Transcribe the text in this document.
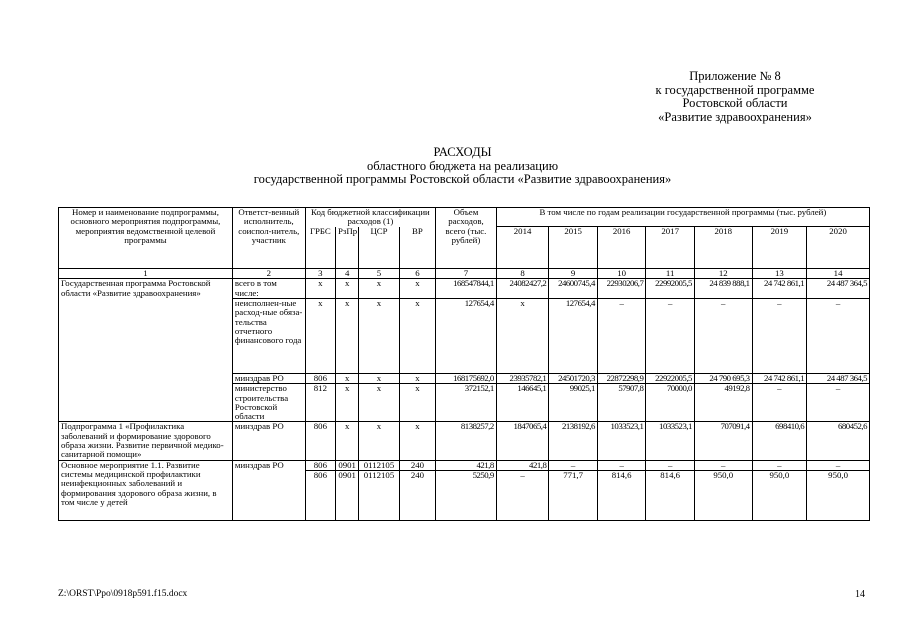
Приложение № 8
к государственной программе
Ростовской области
«Развитие здравоохранения»
РАСХОДЫ
областного бюджета на реализацию
государственной программы Ростовской области «Развитие здравоохранения»
Номер и наименование подпрограммы, основного мероприятия подпрограммы, мероприятия ведомственной целевой программы	Ответст-венный исполнитель, соиспол-нитель, участник	Код бюджетной классификации расходов (1)				Объем расходов, всего (тыс. рублей)	В том числе по годам реализации государственной программы (тыс. рублей)						
		ГРБС	РзПр	ЦСР	ВР		2014	2015	2016	2017	2018	2019	2020
1	2	3	4	5	6	7	8	9	10	11	12	13	14
Государственная программа Ростовской области «Развитие здравоохранения»	всего в том числе:	х	х	х	х	168547844,1	24082427,2	24600745,4	22930206,7	22992005,5	24 839 888,1	24 742 861,1	24 487 364,5
	неисполнен-ные расход-ные обяза-тельства отчетного финансового года	х	х	х	х	127654,4	х	127654,4	–	–	–	–	–
	минздрав РО	806	х	х	х	168175692,0	23935782,1	24501720,3	22872298,9	22922005,5	24 790 695,3	24 742 861,1	24 487 364,5
	министерство строительства Ростовской области	812	х	х	х	372152,1	146645,1	99025,1	57907,8	70000,0	49192,8	–	–
Подпрограмма 1 «Профилактика заболеваний и формирование здорового образа жизни. Развитие первичной медико-санитарной помощи»	минздрав РО	806	х	х	х	8138257,2	1847065,4	2138192,6	1033523,1	1033523,1	707091,4	698410,6	680452,6
Основное мероприятие 1.1. Развитие системы медицинской профилактики неинфекционных заболеваний и формирования здорового образа жизни, в том числе у детей	минздрав РО	806	0901	0112105	240	421,8	421,8	–	–	–	–	–	–
		806	0901	0112105	240	5250,9	–	771,7	814,6	814,6	950,0	950,0	950,0
Z:\ORST\Ppo\0918p591.f15.docx	14
